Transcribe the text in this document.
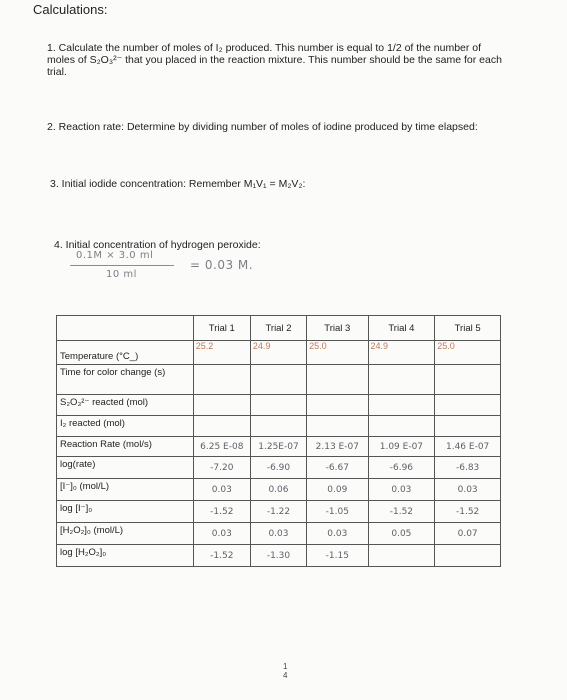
Calculations:
1. Calculate the number of moles of I₂ produced. This number is equal to 1/2 of the number of
moles of S₂O₃²⁻ that you placed in the reaction mixture. This number should be the same for each
trial.
2. Reaction rate: Determine by dividing number of moles of iodine produced by time elapsed:
3. Initial iodide concentration: Remember M₁V₁ = M₂V₂:
4. Initial concentration of hydrogen peroxide:
0.1M × 3.0 ml
10 ml
= 0.03 M.
	Trial 1	Trial 2	Trial 3	Trial 4	Trial 5
Temperature (°C_)	25.2	24.9	25.0	24.9	25.0
Time for color change (s)					
S₂O₃²⁻ reacted (mol)					
I₂ reacted (mol)					
Reaction Rate (mol/s)	6.25 E-08	1.25E-07	2.13 E-07	1.09 E-07	1.46 E-07
log(rate)	-7.20	-6.90	-6.67	-6.96	-6.83
[I⁻]₀ (mol/L)	0.03	0.06	0.09	0.03	0.03
log [I⁻]₀	-1.52	-1.22	-1.05	-1.52	-1.52
[H₂O₂]₀ (mol/L)	0.03	0.03	0.03	0.05	0.07
log [H₂O₂]₀	-1.52	-1.30	-1.15		
1
4
